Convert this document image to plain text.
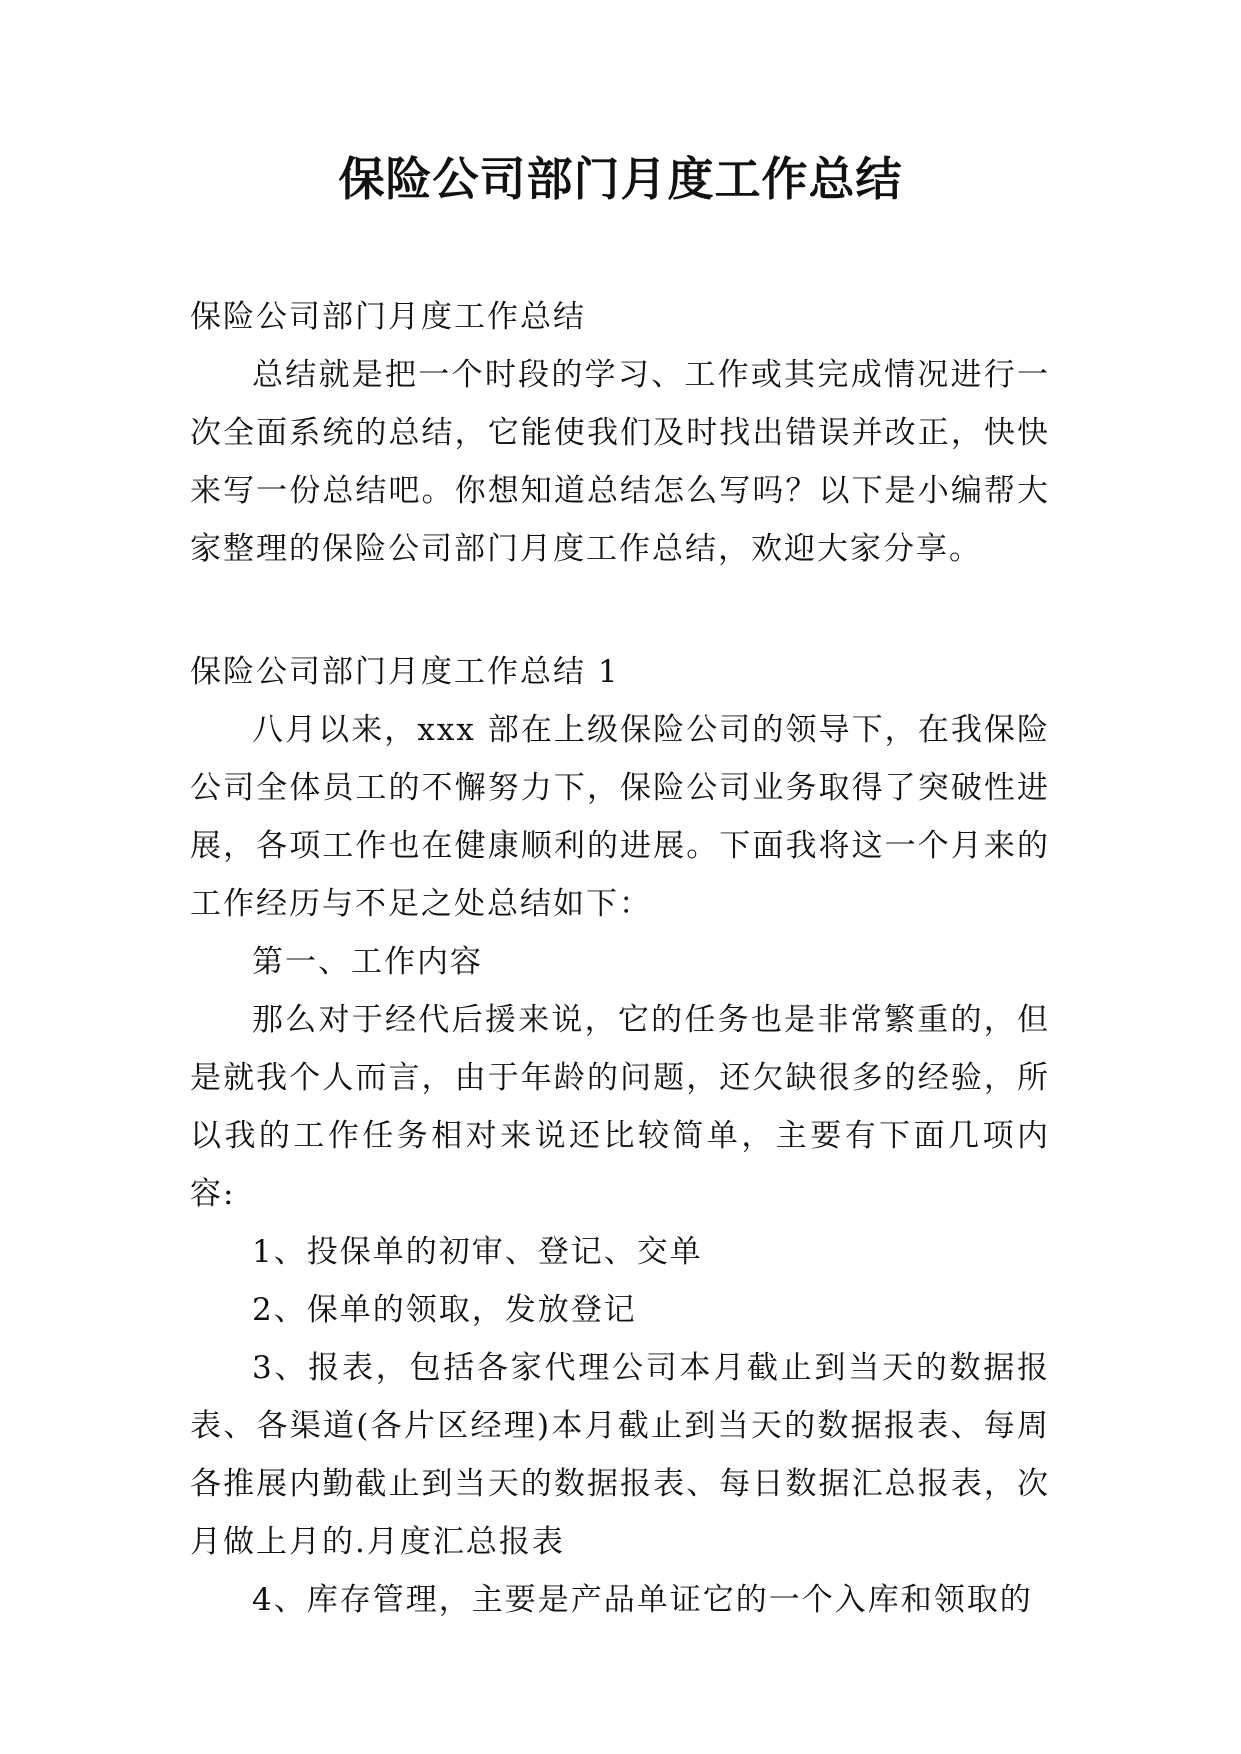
保险公司部门月度工作总结

保险公司部门月度工作总结

总结就是把一个时段的学习、工作或其完成情况进行一次全面系统的总结，它能使我们及时找出错误并改正，快快来写一份总结吧。你想知道总结怎么写吗？以下是小编帮大家整理的保险公司部门月度工作总结，欢迎大家分享。

保险公司部门月度工作总结 1

八月以来，xxx 部在上级保险公司的领导下，在我保险公司全体员工的不懈努力下，保险公司业务取得了突破性进展，各项工作也在健康顺利的进展。下面我将这一个月来的工作经历与不足之处总结如下：

第一、工作内容

那么对于经代后援来说，它的任务也是非常繁重的，但是就我个人而言，由于年龄的问题，还欠缺很多的经验，所以我的工作任务相对来说还比较简单，主要有下面几项内容:

1、投保单的初审、登记、交单

2、保单的领取，发放登记

3、报表，包括各家代理公司本月截止到当天的数据报表、各渠道(各片区经理)本月截止到当天的数据报表、每周各推展内勤截止到当天的数据报表、每日数据汇总报表，次月做上月的.月度汇总报表

4、库存管理，主要是产品单证它的一个入库和领取的
